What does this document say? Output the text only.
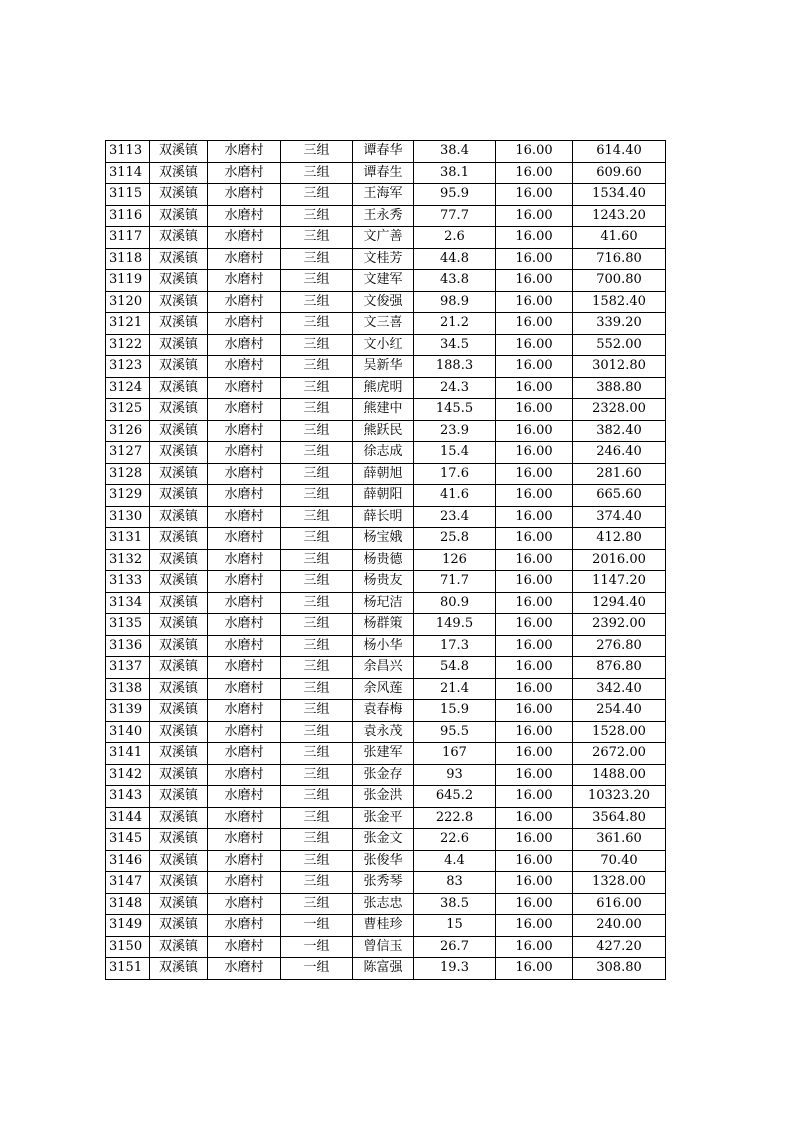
3113	双溪镇	水磨村	三组	谭春华	38.4	16.00	614.40
3114	双溪镇	水磨村	三组	谭春生	38.1	16.00	609.60
3115	双溪镇	水磨村	三组	王海军	95.9	16.00	1534.40
3116	双溪镇	水磨村	三组	王永秀	77.7	16.00	1243.20
3117	双溪镇	水磨村	三组	文广善	2.6	16.00	41.60
3118	双溪镇	水磨村	三组	文桂芳	44.8	16.00	716.80
3119	双溪镇	水磨村	三组	文建军	43.8	16.00	700.80
3120	双溪镇	水磨村	三组	文俊强	98.9	16.00	1582.40
3121	双溪镇	水磨村	三组	文三喜	21.2	16.00	339.20
3122	双溪镇	水磨村	三组	文小红	34.5	16.00	552.00
3123	双溪镇	水磨村	三组	吴新华	188.3	16.00	3012.80
3124	双溪镇	水磨村	三组	熊虎明	24.3	16.00	388.80
3125	双溪镇	水磨村	三组	熊建中	145.5	16.00	2328.00
3126	双溪镇	水磨村	三组	熊跃民	23.9	16.00	382.40
3127	双溪镇	水磨村	三组	徐志成	15.4	16.00	246.40
3128	双溪镇	水磨村	三组	薛朝旭	17.6	16.00	281.60
3129	双溪镇	水磨村	三组	薛朝阳	41.6	16.00	665.60
3130	双溪镇	水磨村	三组	薛长明	23.4	16.00	374.40
3131	双溪镇	水磨村	三组	杨宝娥	25.8	16.00	412.80
3132	双溪镇	水磨村	三组	杨贵德	126	16.00	2016.00
3133	双溪镇	水磨村	三组	杨贵友	71.7	16.00	1147.20
3134	双溪镇	水磨村	三组	杨玘洁	80.9	16.00	1294.40
3135	双溪镇	水磨村	三组	杨群策	149.5	16.00	2392.00
3136	双溪镇	水磨村	三组	杨小华	17.3	16.00	276.80
3137	双溪镇	水磨村	三组	余昌兴	54.8	16.00	876.80
3138	双溪镇	水磨村	三组	余风莲	21.4	16.00	342.40
3139	双溪镇	水磨村	三组	袁春梅	15.9	16.00	254.40
3140	双溪镇	水磨村	三组	袁永茂	95.5	16.00	1528.00
3141	双溪镇	水磨村	三组	张建军	167	16.00	2672.00
3142	双溪镇	水磨村	三组	张金存	93	16.00	1488.00
3143	双溪镇	水磨村	三组	张金洪	645.2	16.00	10323.20
3144	双溪镇	水磨村	三组	张金平	222.8	16.00	3564.80
3145	双溪镇	水磨村	三组	张金文	22.6	16.00	361.60
3146	双溪镇	水磨村	三组	张俊华	4.4	16.00	70.40
3147	双溪镇	水磨村	三组	张秀琴	83	16.00	1328.00
3148	双溪镇	水磨村	三组	张志忠	38.5	16.00	616.00
3149	双溪镇	水磨村	一组	曹桂珍	15	16.00	240.00
3150	双溪镇	水磨村	一组	曾信玉	26.7	16.00	427.20
3151	双溪镇	水磨村	一组	陈富强	19.3	16.00	308.80
